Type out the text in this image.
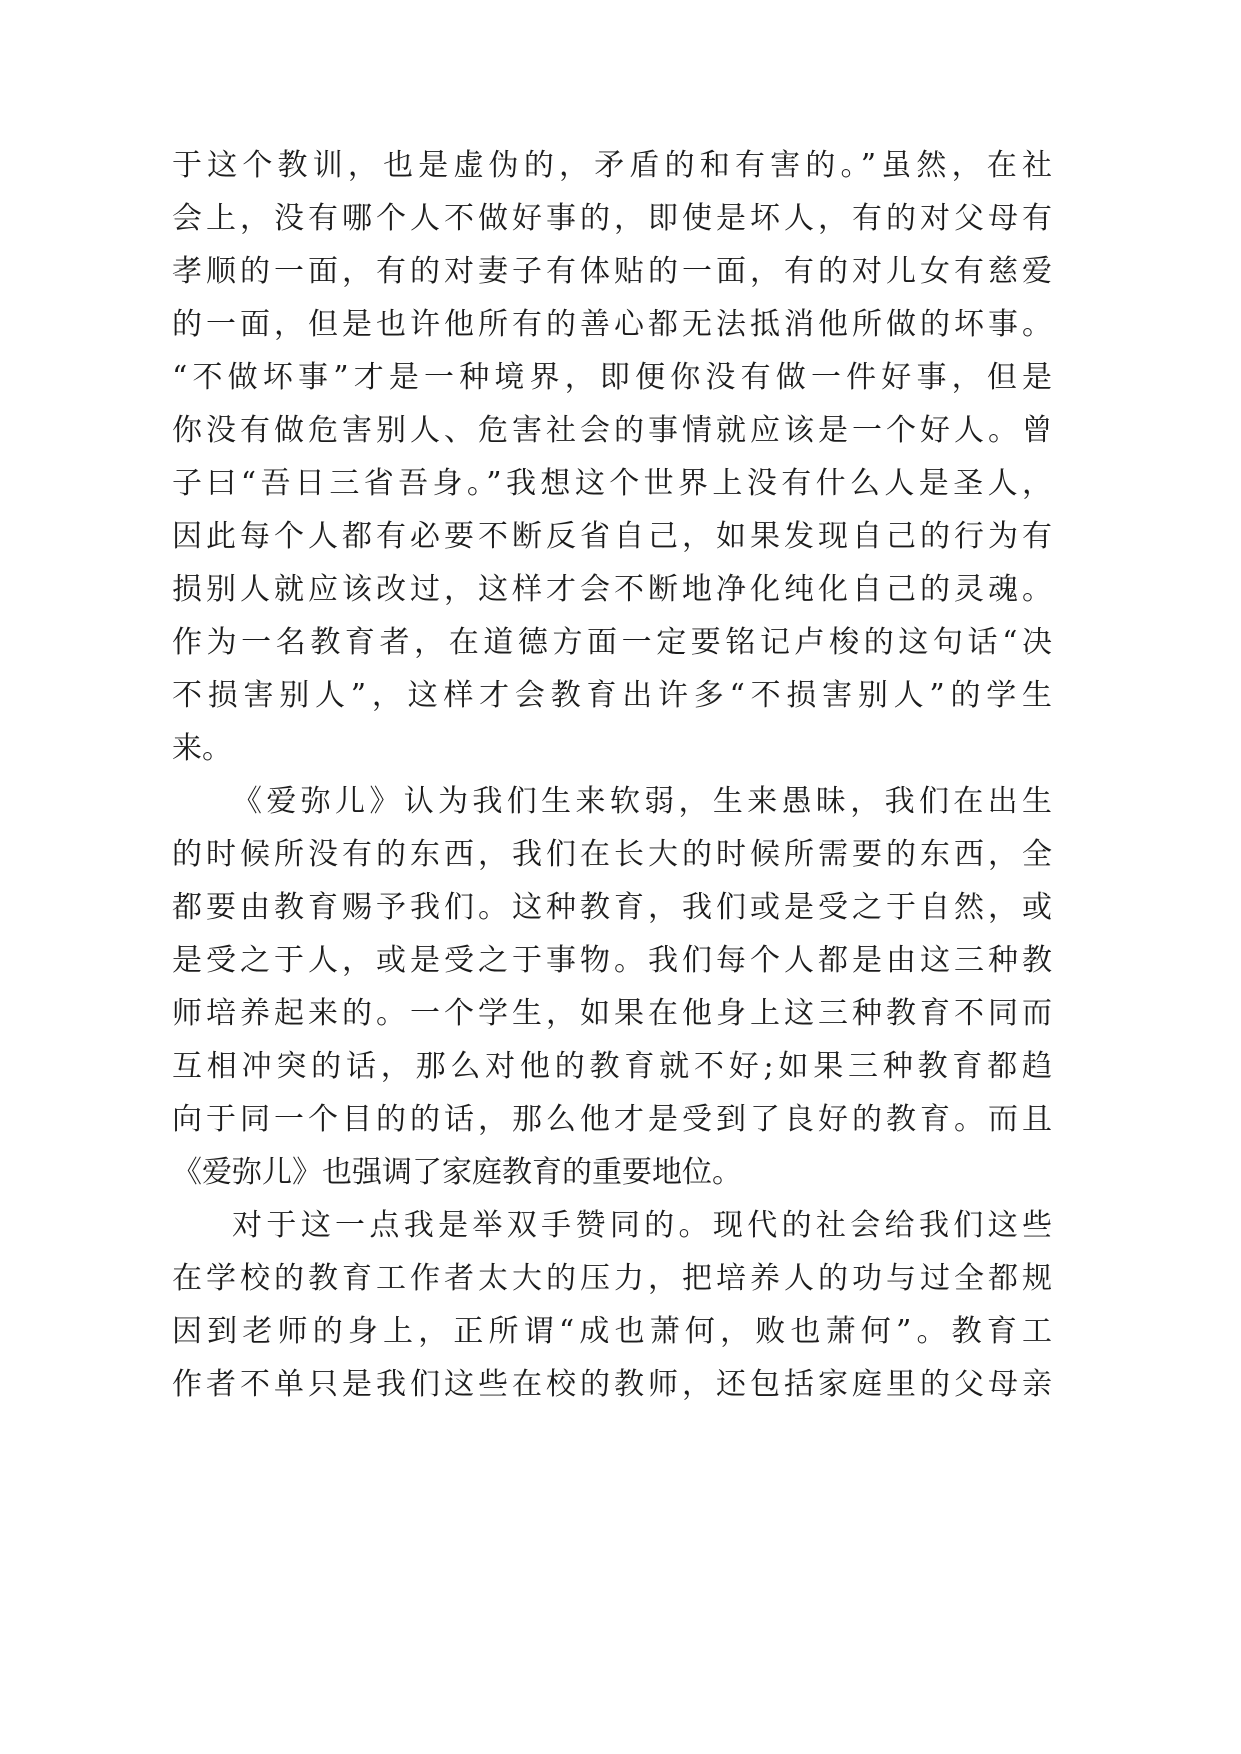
于这个教训，也是虚伪的，矛盾的和有害的。”虽然，在社
会上，没有哪个人不做好事的，即使是坏人，有的对父母有
孝顺的一面，有的对妻子有体贴的一面，有的对儿女有慈爱
的一面，但是也许他所有的善心都无法抵消他所做的坏事。
“不做坏事”才是一种境界，即便你没有做一件好事，但是
你没有做危害别人、危害社会的事情就应该是一个好人。曾
子曰“吾日三省吾身。”我想这个世界上没有什么人是圣人，
因此每个人都有必要不断反省自己，如果发现自己的行为有
损别人就应该改过，这样才会不断地净化纯化自己的灵魂。
作为一名教育者，在道德方面一定要铭记卢梭的这句话“决
不损害别人”，这样才会教育出许多“不损害别人”的学生
来。
《爱弥儿》认为我们生来软弱，生来愚昧，我们在出生
的时候所没有的东西，我们在长大的时候所需要的东西，全
都要由教育赐予我们。这种教育，我们或是受之于自然，或
是受之于人，或是受之于事物。我们每个人都是由这三种教
师培养起来的。一个学生，如果在他身上这三种教育不同而
互相冲突的话，那么对他的教育就不好;如果三种教育都趋
向于同一个目的的话，那么他才是受到了良好的教育。而且
《爱弥儿》也强调了家庭教育的重要地位。
对于这一点我是举双手赞同的。现代的社会给我们这些
在学校的教育工作者太大的压力，把培养人的功与过全都规
因到老师的身上，正所谓“成也萧何，败也萧何”。教育工
作者不单只是我们这些在校的教师，还包括家庭里的父母亲
